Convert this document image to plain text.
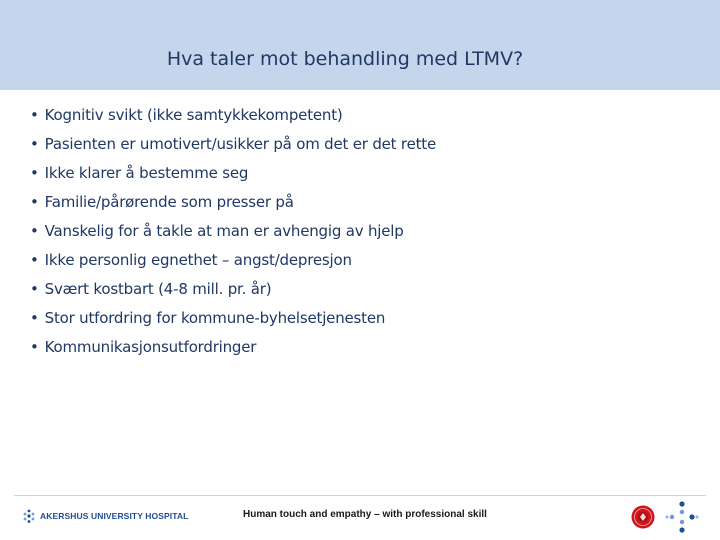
Hva taler mot behandling med LTMV?
• Kognitiv svikt (ikke samtykkekompetent)
• Pasienten er umotivert/usikker på om det er det rette
• Ikke klarer å bestemme seg
• Familie/pårørende som presser på
• Vanskelig for å takle at man er avhengig av hjelp
• Ikke personlig egnethet – angst/depresjon
• Svært kostbart (4-8 mill. pr. år)
• Stor utfordring for kommune-byhelsetjenesten
• Kommunikasjonsutfordringer
AKERSHUS UNIVERSITY HOSPITAL	Human touch and empathy – with professional skill
